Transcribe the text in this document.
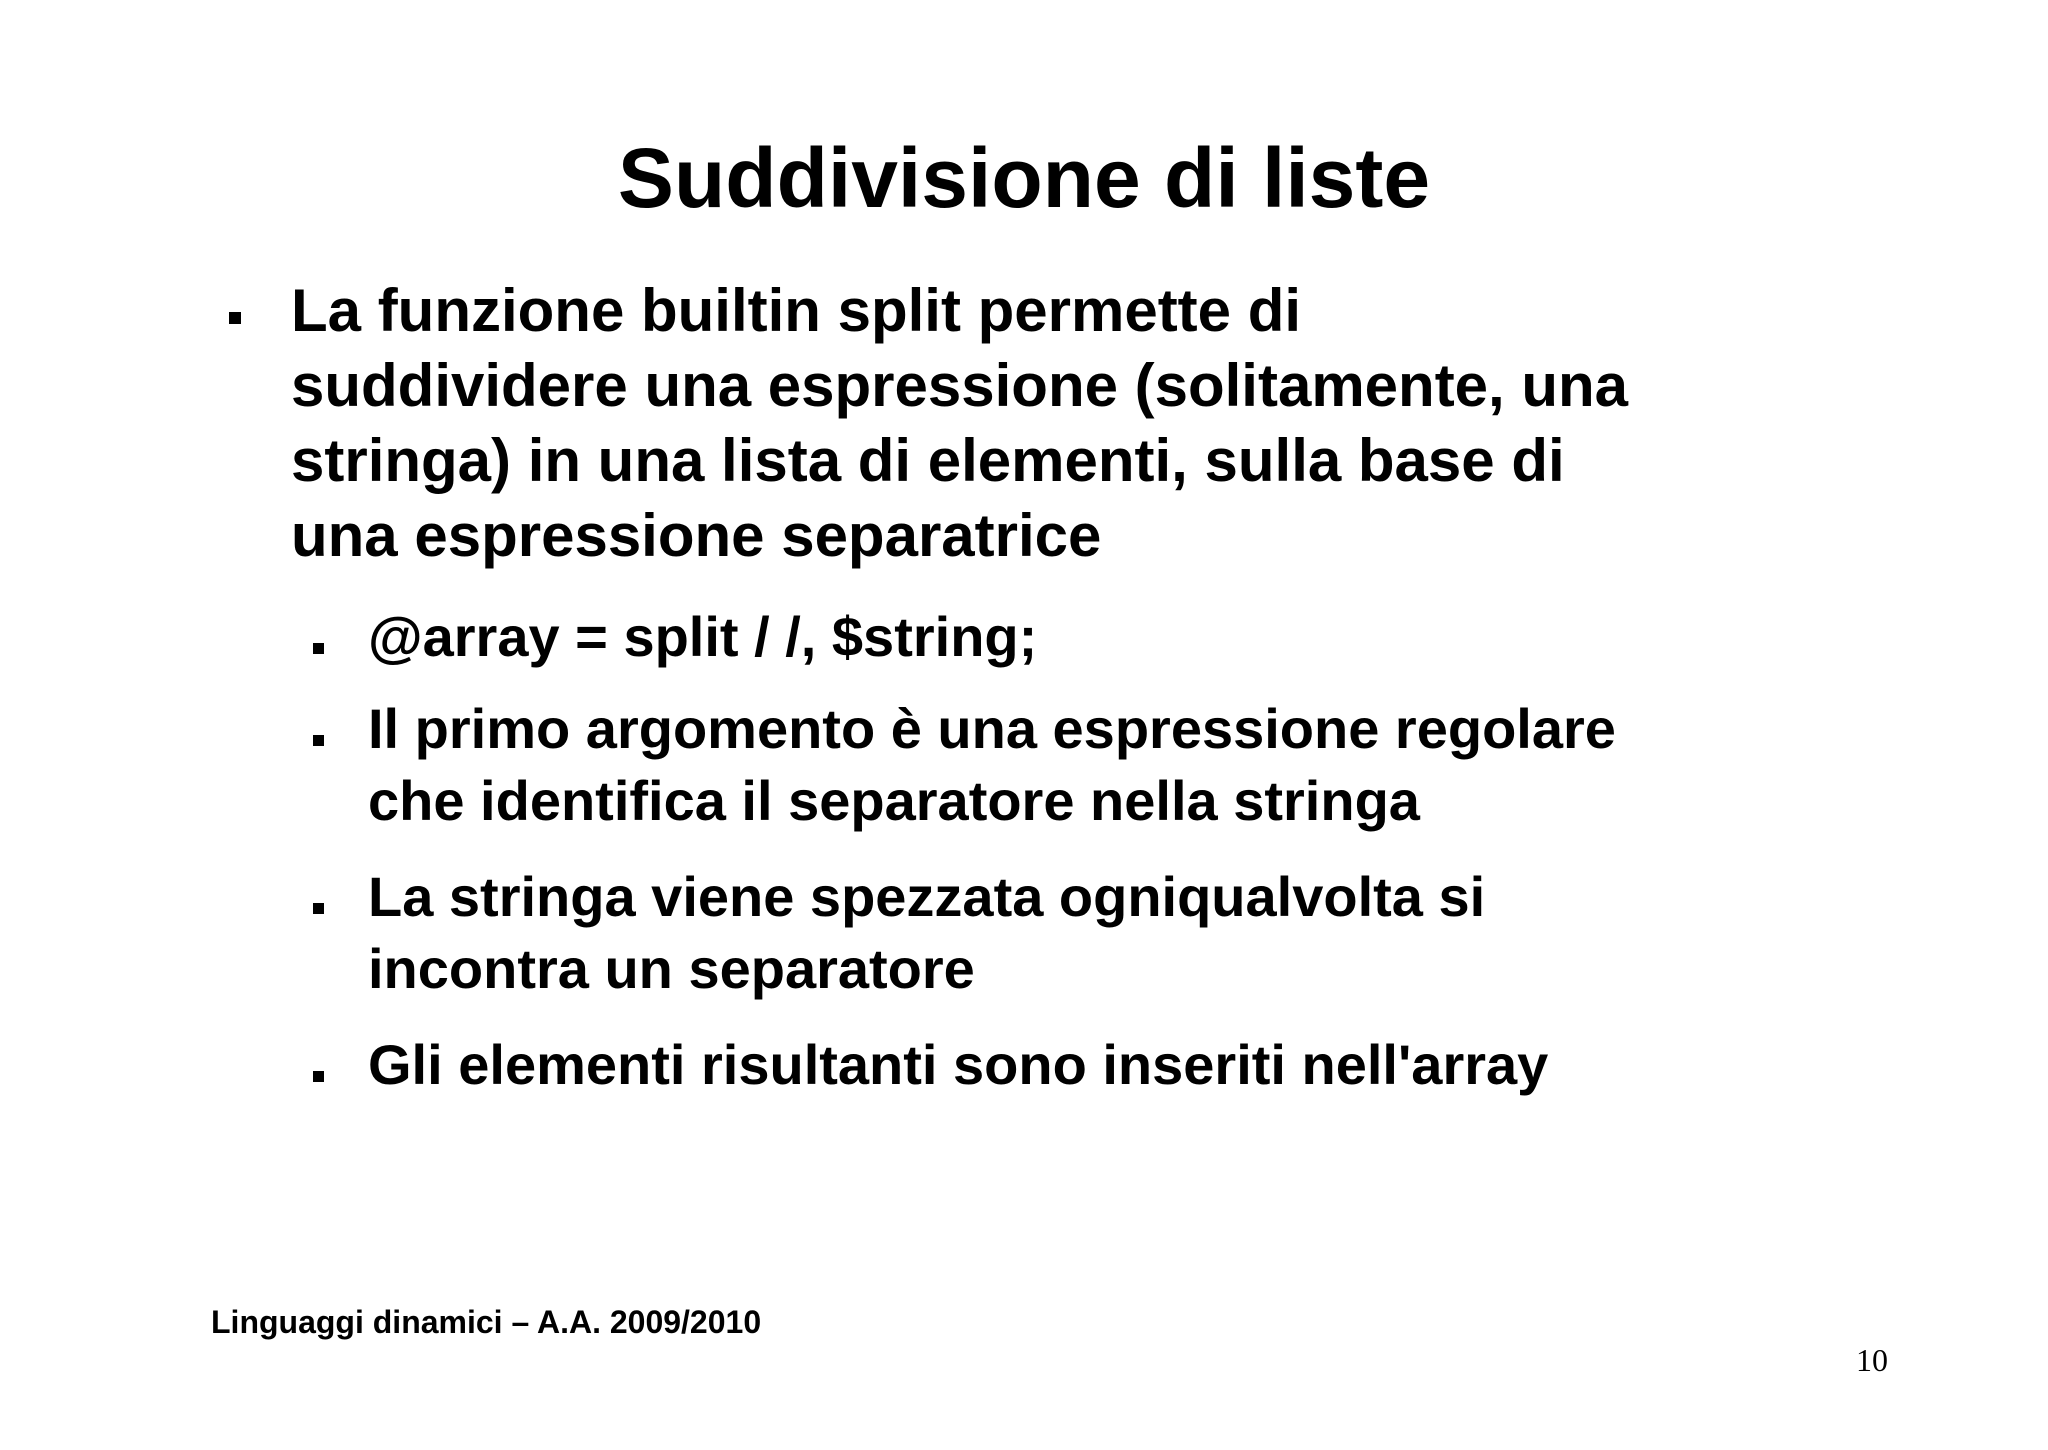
Suddivisione di liste
La funzione builtin split permette di
suddividere una espressione (solitamente, una
stringa) in una lista di elementi, sulla base di
una espressione separatrice
@array = split / /, $string;
Il primo argomento è una espressione regolare
che identifica il separatore nella stringa
La stringa viene spezzata ogniqualvolta si
incontra un separatore
Gli elementi risultanti sono inseriti nell'array
Linguaggi dinamici – A.A. 2009/2010
10
